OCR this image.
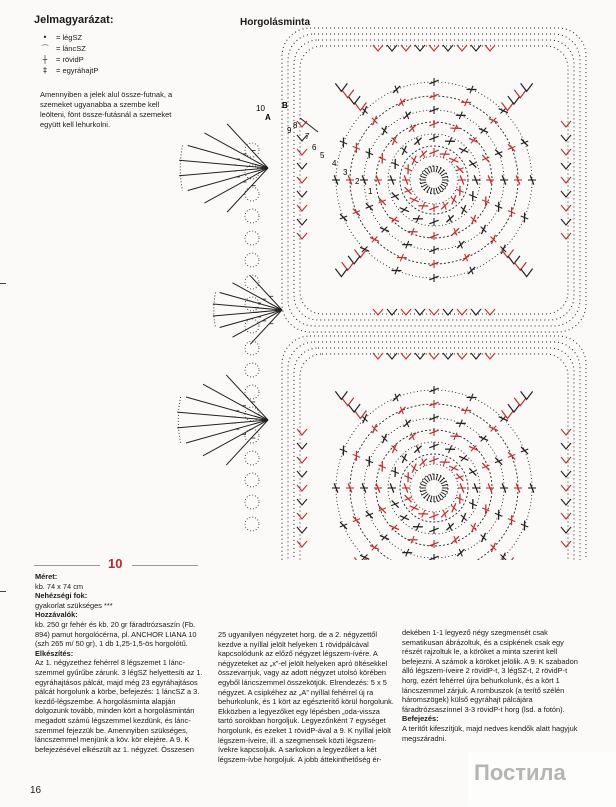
10
9
8
7
6
5
4
3
2
1
A
B
Jelmagyarázat:
•	= légSZ
⌒ = láncSZ
┼	= rövidP
‡	= egyráhajtP
Amennyiben a jelek alul össze-futnak, a szemeket ugyanabba a szembe kell leölteni, fönt össze-futásnál a szemeket együtt kell lehurkolni.
Horgolásminta
10

Méret:

kb. 74 x 74 cm

Nehézségi fok:

gyakorlat szükséges ***

Hozzávalók:

kb. 250 gr fehér és kb. 20 gr fáradtrózsaszín (Fb. 894) pamut horgolócérna, pl. ANCHOR LIANA 10 (szh 265 m/ 50 gr), 1 db 1,25-1,5-ös horgolótű.

Elkészítés:

Az 1. négyzethez fehérrel 8 légszemet 1 lánc-szemmel gyűrűbe zárunk. 3 légSZ helyettesíti az 1. egyráhajtásos pálcát, majd még 23 egyráhajtásos pálcát horgolunk a körbe, befejezés: 1 láncSZ a 3. kezdő-légszembe. A horgolásminta alapján dolgozunk tovább, minden kört a horgolásmintán megadott számú légszemmel kezdünk, és lánc-szemmel fejezzük be. Amennyiben szükséges, láncszemmel menjünk a köv. kör elejére. A 9. K befejezésével elkészült az 1. négyzet. Összesen

25 ugyanilyen négyzetet horg. de a 2. négyzettől kezdve a nyíllal jelölt helyeken 1 rövidpálcával kapcsolódunk az előző négyzet légszem-ívére. A négyzeteket az „x”-el jelölt helyeken apró öltésekkel összevarrjuk, vagy az adott négyzet utolsó körében egyből láncszemmel összekötjük. Elrendezés: 5 x 5 négyzet. A csipkéhez az „A” nyíllal fehérrel új ra behurkolunk, és 1 kört az egészterítő körül horgolunk. Ekközben a legyezőket egy lépésben „oda-vissza tartó sorokban horgoljuk. Legyezőnként 7 egységet horgolunk, és ezeket 1 rövidP-ával a 9. K nyíllal jelölt légszem-íveire, ill. a szegmensek közti légszem-ívekre kapcsoljuk. A sarkokon a legyezőket a két légszem-ívbe horgoljuk. A jobb áttekinthetőség ér-

dekében 1-1 legyező négy szegmensét csak sematikusan ábrázoltuk, és a csipkének csak egy részét rajzoltuk le, a köröket a minta szerint kell befejezni. A számok a köröket jelölik. A 9. K szabadon álló légszem-íveire 2 rövidP-t, 3 légSZ-t, 2 rövidP-t horg, ezért fehérrel újra behurkolunk, és a kört 1 láncszemmel zárjuk. A rombuszok (a terítő szélén háromszögek) külső egyráhajt pálcájára fáradtrózsaszínnel 3-3 rövidP-t horg (lsd. a fotón).

Befejezés:

A terítőt kifeszítjük, majd nedves kendők alatt hagyjuk megszáradni.

16
Постила
